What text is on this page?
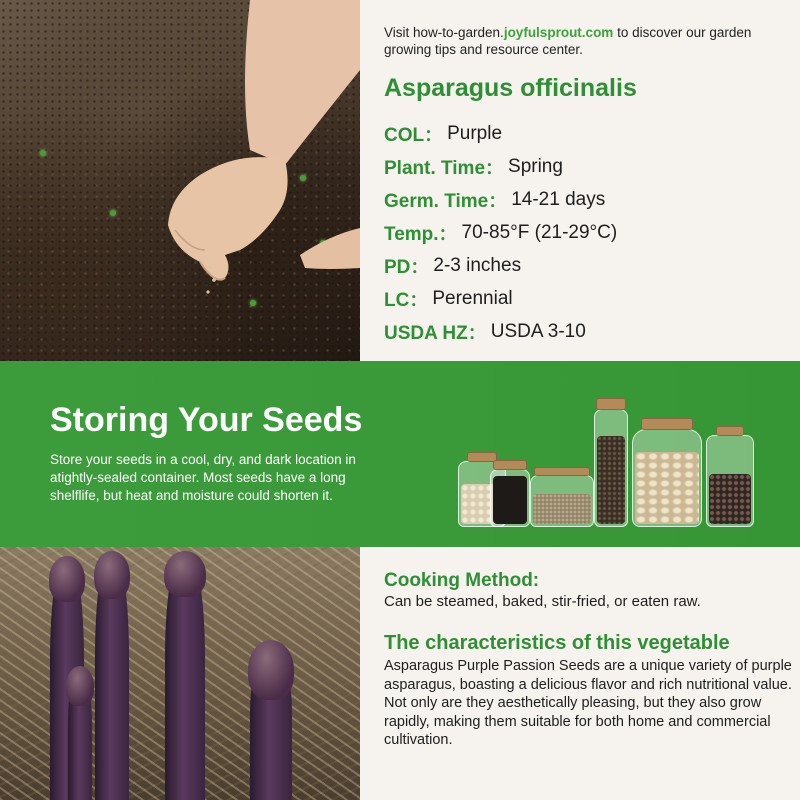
Visit how-to-garden.joyfulsprout.com to discover our garden growing tips and resource center.

Asparagus officinalis
COL： Purple
Plant. Time： Spring
Germ. Time： 14-21 days
Temp.： 70-85°F (21-29°C)
PD： 2-3 inches
LC： Perennial
USDA HZ： USDA 3-10
Storing Your Seeds

Store your seeds in a cool, dry, and dark location in atightly-sealed container. Most seeds have a long shelflife, but heat and moisture could shorten it.

Cooking Method:

Can be steamed, baked, stir-fried, or eaten raw.

The characteristics of this vegetable

Asparagus Purple Passion Seeds are a unique variety of purple asparagus, boasting a delicious flavor and rich nutritional value. Not only are they aesthetically pleasing, but they also grow rapidly, making them suitable for both home and commercial cultivation.
